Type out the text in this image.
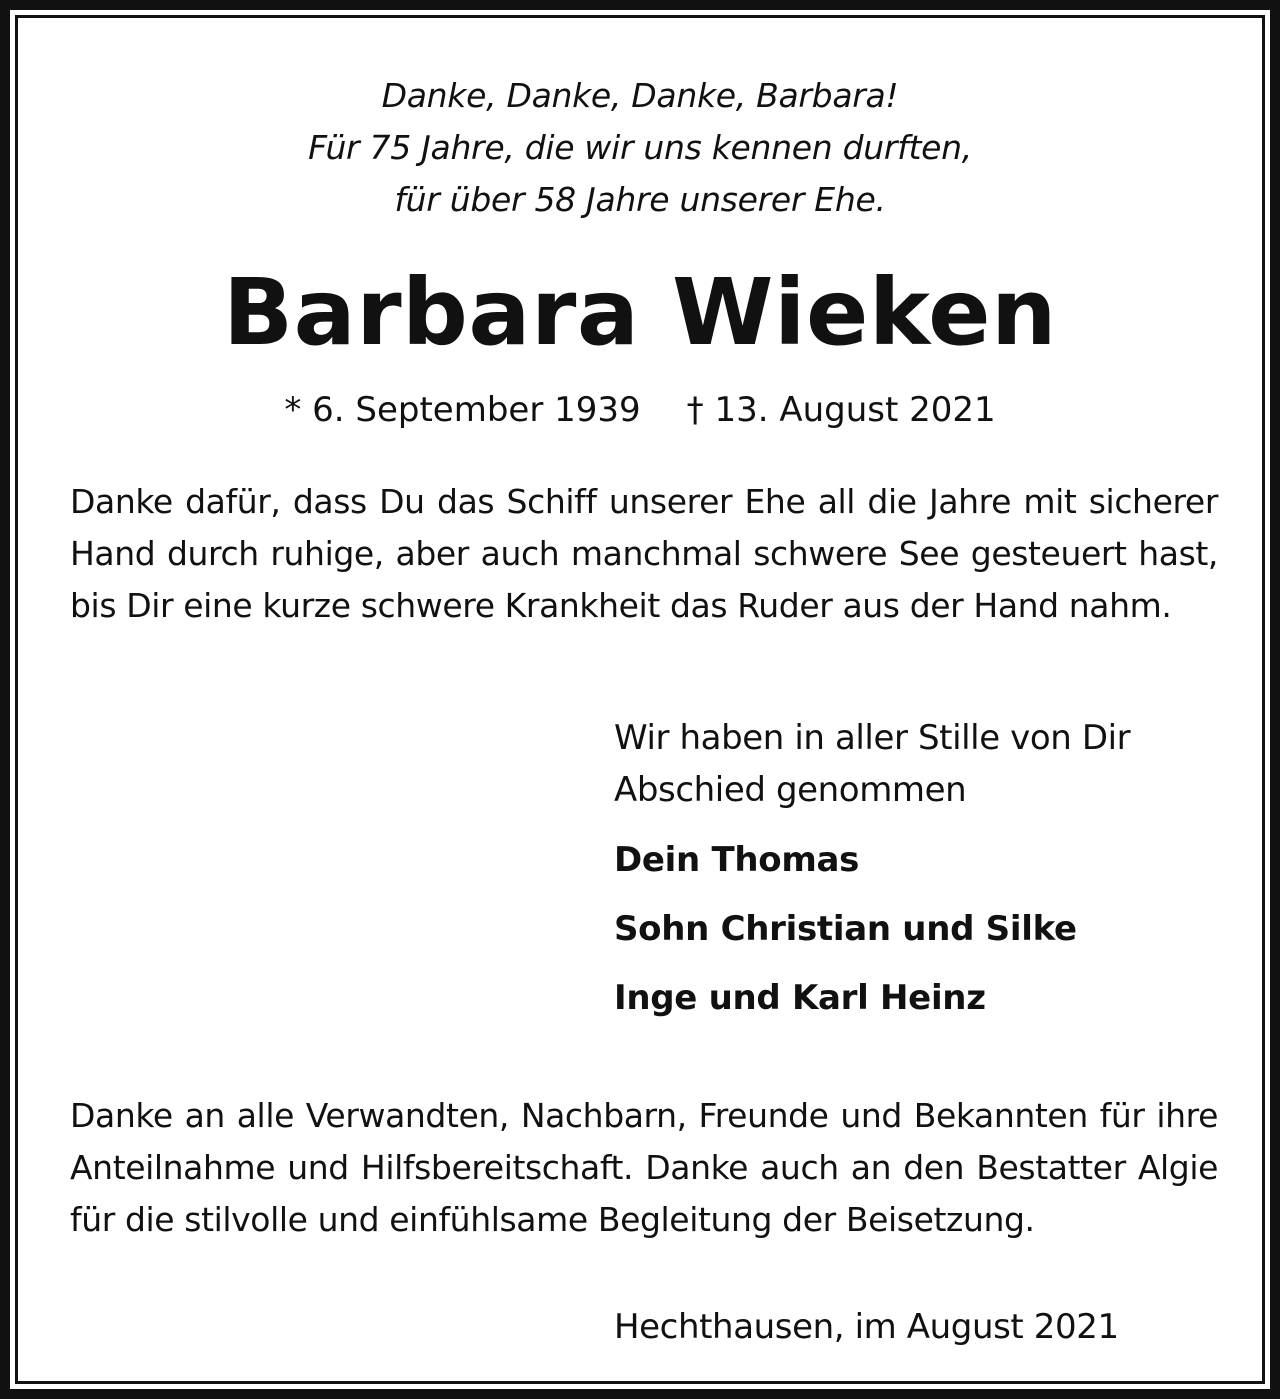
Danke, Danke, Danke, Barbara!
Für 75 Jahre, die wir uns kennen durften,
für über 58 Jahre unserer Ehe.
Barbara Wieken
* 6. September 1939 † 13. August 2021
Danke dafür, dass Du das Schiff unserer Ehe all die Jahre mit sicherer Hand durch ruhige, aber auch manchmal schwere See gesteuert hast, bis Dir eine kurze schwere Krankheit das Ruder aus der Hand nahm.
Wir haben in aller Stille von Dir Abschied genommen
Dein Thomas
Sohn Christian und Silke
Inge und Karl Heinz
Danke an alle Verwandten, Nachbarn, Freunde und Bekannten für ihre Anteilnahme und Hilfsbereitschaft. Danke auch an den Bestatter Algie für die stilvolle und einfühlsame Begleitung der Beisetzung.
Hechthausen, im August 2021
